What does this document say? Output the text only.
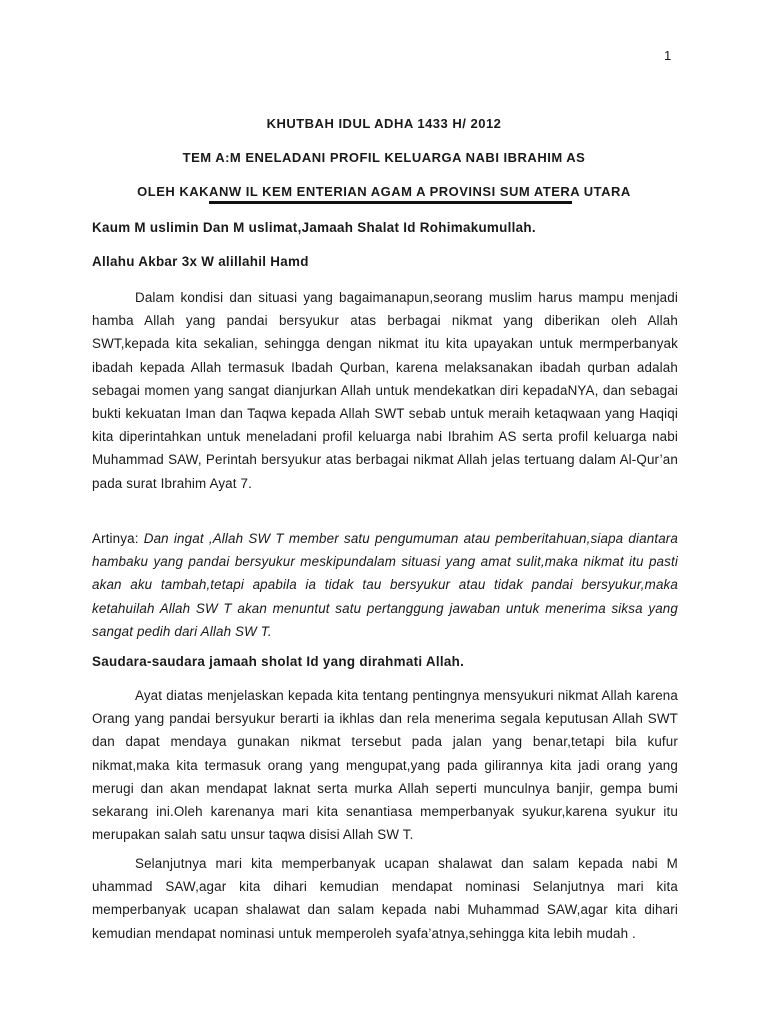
1
KHUTBAH IDUL ADHA 1433 H/ 2012
TEM A:M ENELADANI PROFIL KELUARGA NABI IBRAHIM AS
OLEH KAKANW IL KEM ENTERIAN AGAM A PROVINSI SUM ATERA UTARA
Kaum M uslimin Dan M uslimat,Jamaah Shalat Id Rohimakumullah.
Allahu Akbar 3x W alillahil Hamd
Dalam kondisi dan situasi yang bagaimanapun,seorang muslim harus mampu menjadi hamba Allah yang pandai bersyukur atas berbagai nikmat yang diberikan oleh Allah SWT,kepada kita sekalian, sehingga dengan nikmat itu kita upayakan untuk mermperbanyak ibadah kepada Allah termasuk Ibadah Qurban, karena melaksanakan ibadah qurban adalah sebagai momen yang sangat dianjurkan Allah untuk mendekatkan diri kepadaNYA, dan sebagai bukti kekuatan Iman dan Taqwa kepada Allah SWT sebab untuk meraih ketaqwaan yang Haqiqi kita diperintahkan untuk meneladani profil keluarga nabi Ibrahim AS serta profil keluarga nabi Muhammad SAW, Perintah bersyukur atas berbagai nikmat Allah jelas tertuang dalam Al-Qur’an pada surat Ibrahim Ayat 7.
Artinya: Dan ingat ,Allah SW T member satu pengumuman atau pemberitahuan,siapa diantara hambaku yang pandai bersyukur meskipundalam situasi yang amat sulit,maka nikmat itu pasti akan aku tambah,tetapi apabila ia tidak tau bersyukur atau tidak pandai bersyukur,maka ketahuilah Allah SW T akan menuntut satu pertanggung jawaban untuk menerima siksa yang sangat pedih dari Allah SW T.
Saudara-saudara jamaah sholat Id yang dirahmati Allah.
Ayat diatas menjelaskan kepada kita tentang pentingnya mensyukuri nikmat Allah karena Orang yang pandai bersyukur berarti ia ikhlas dan rela menerima segala keputusan Allah SWT dan dapat mendaya gunakan nikmat tersebut pada jalan yang benar,tetapi bila kufur nikmat,maka kita termasuk orang yang mengupat,yang pada gilirannya kita jadi orang yang merugi dan akan mendapat laknat serta murka Allah seperti munculnya banjir, gempa bumi sekarang ini.Oleh karenanya mari kita senantiasa memperbanyak syukur,karena syukur itu merupakan salah satu unsur taqwa disisi Allah SW T.
Selanjutnya mari kita memperbanyak ucapan shalawat dan salam kepada nabi M uhammad SAW,agar kita dihari kemudian mendapat nominasi Selanjutnya mari kita memperbanyak ucapan shalawat dan salam kepada nabi Muhammad SAW,agar kita dihari kemudian mendapat nominasi untuk memperoleh syafa’atnya,sehingga kita lebih mudah .
